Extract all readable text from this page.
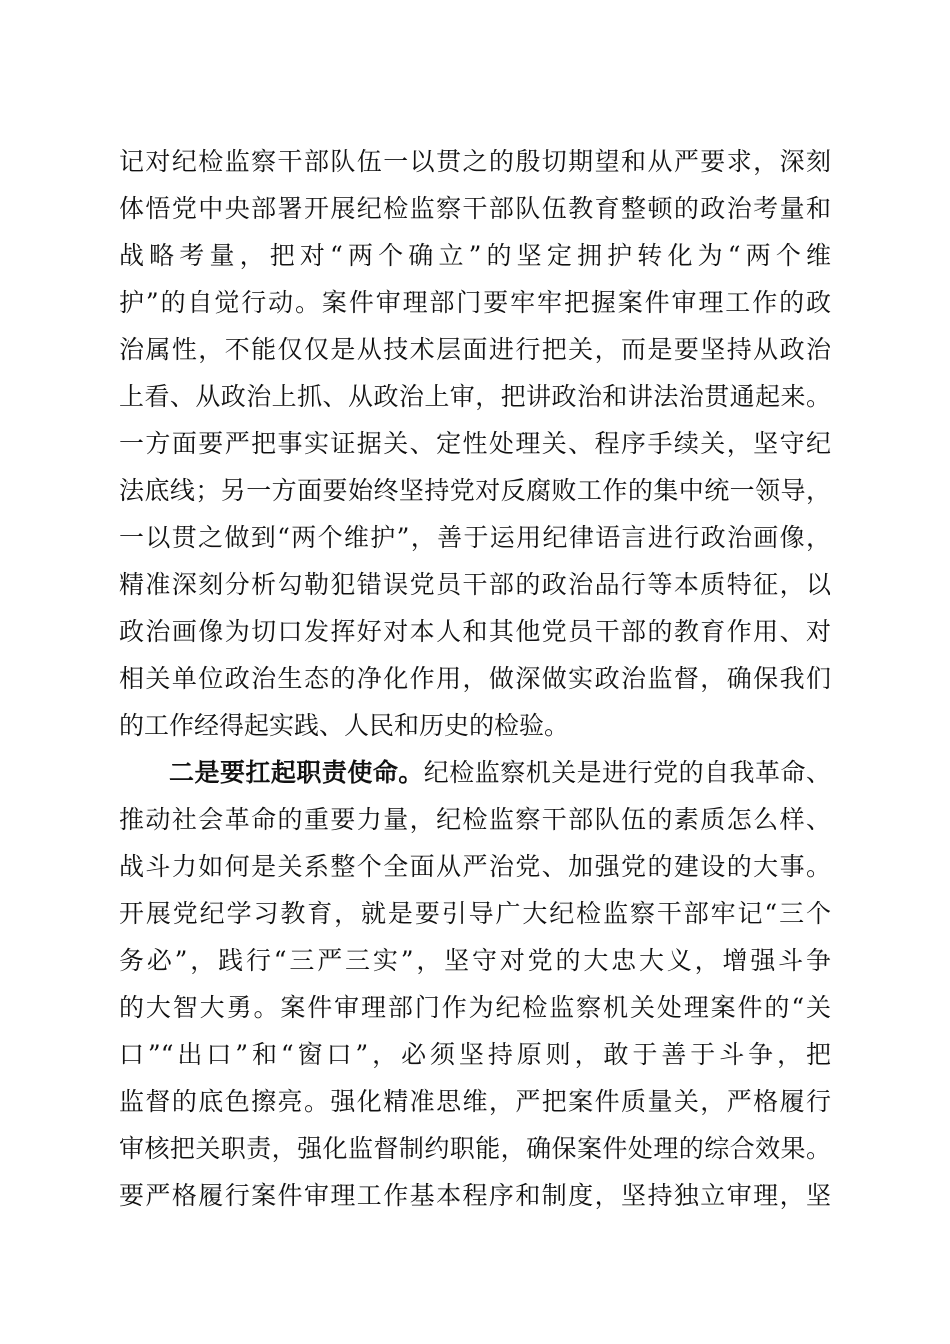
记对纪检监察干部队伍一以贯之的殷切期望和从严要求，深刻
体悟党中央部署开展纪检监察干部队伍教育整顿的政治考量和
战略考量，把对“两个确立”的坚定拥护转化为“两个维
护”的自觉行动。案件审理部门要牢牢把握案件审理工作的政
治属性，不能仅仅是从技术层面进行把关，而是要坚持从政治
上看、从政治上抓、从政治上审，把讲政治和讲法治贯通起来。
一方面要严把事实证据关、定性处理关、程序手续关，坚守纪
法底线；另一方面要始终坚持党对反腐败工作的集中统一领导，
一以贯之做到“两个维护”，善于运用纪律语言进行政治画像，
精准深刻分析勾勒犯错误党员干部的政治品行等本质特征，以
政治画像为切口发挥好对本人和其他党员干部的教育作用、对
相关单位政治生态的净化作用，做深做实政治监督，确保我们
的工作经得起实践、人民和历史的检验。
二是要扛起职责使命。纪检监察机关是进行党的自我革命、
推动社会革命的重要力量，纪检监察干部队伍的素质怎么样、
战斗力如何是关系整个全面从严治党、加强党的建设的大事。
开展党纪学习教育，就是要引导广大纪检监察干部牢记“三个
务必”，践行“三严三实”，坚守对党的大忠大义，增强斗争
的大智大勇。案件审理部门作为纪检监察机关处理案件的“关
口”“出口”和“窗口”，必须坚持原则，敢于善于斗争，把
监督的底色擦亮。强化精准思维，严把案件质量关，严格履行
审核把关职责，强化监督制约职能，确保案件处理的综合效果。
要严格履行案件审理工作基本程序和制度，坚持独立审理，坚
